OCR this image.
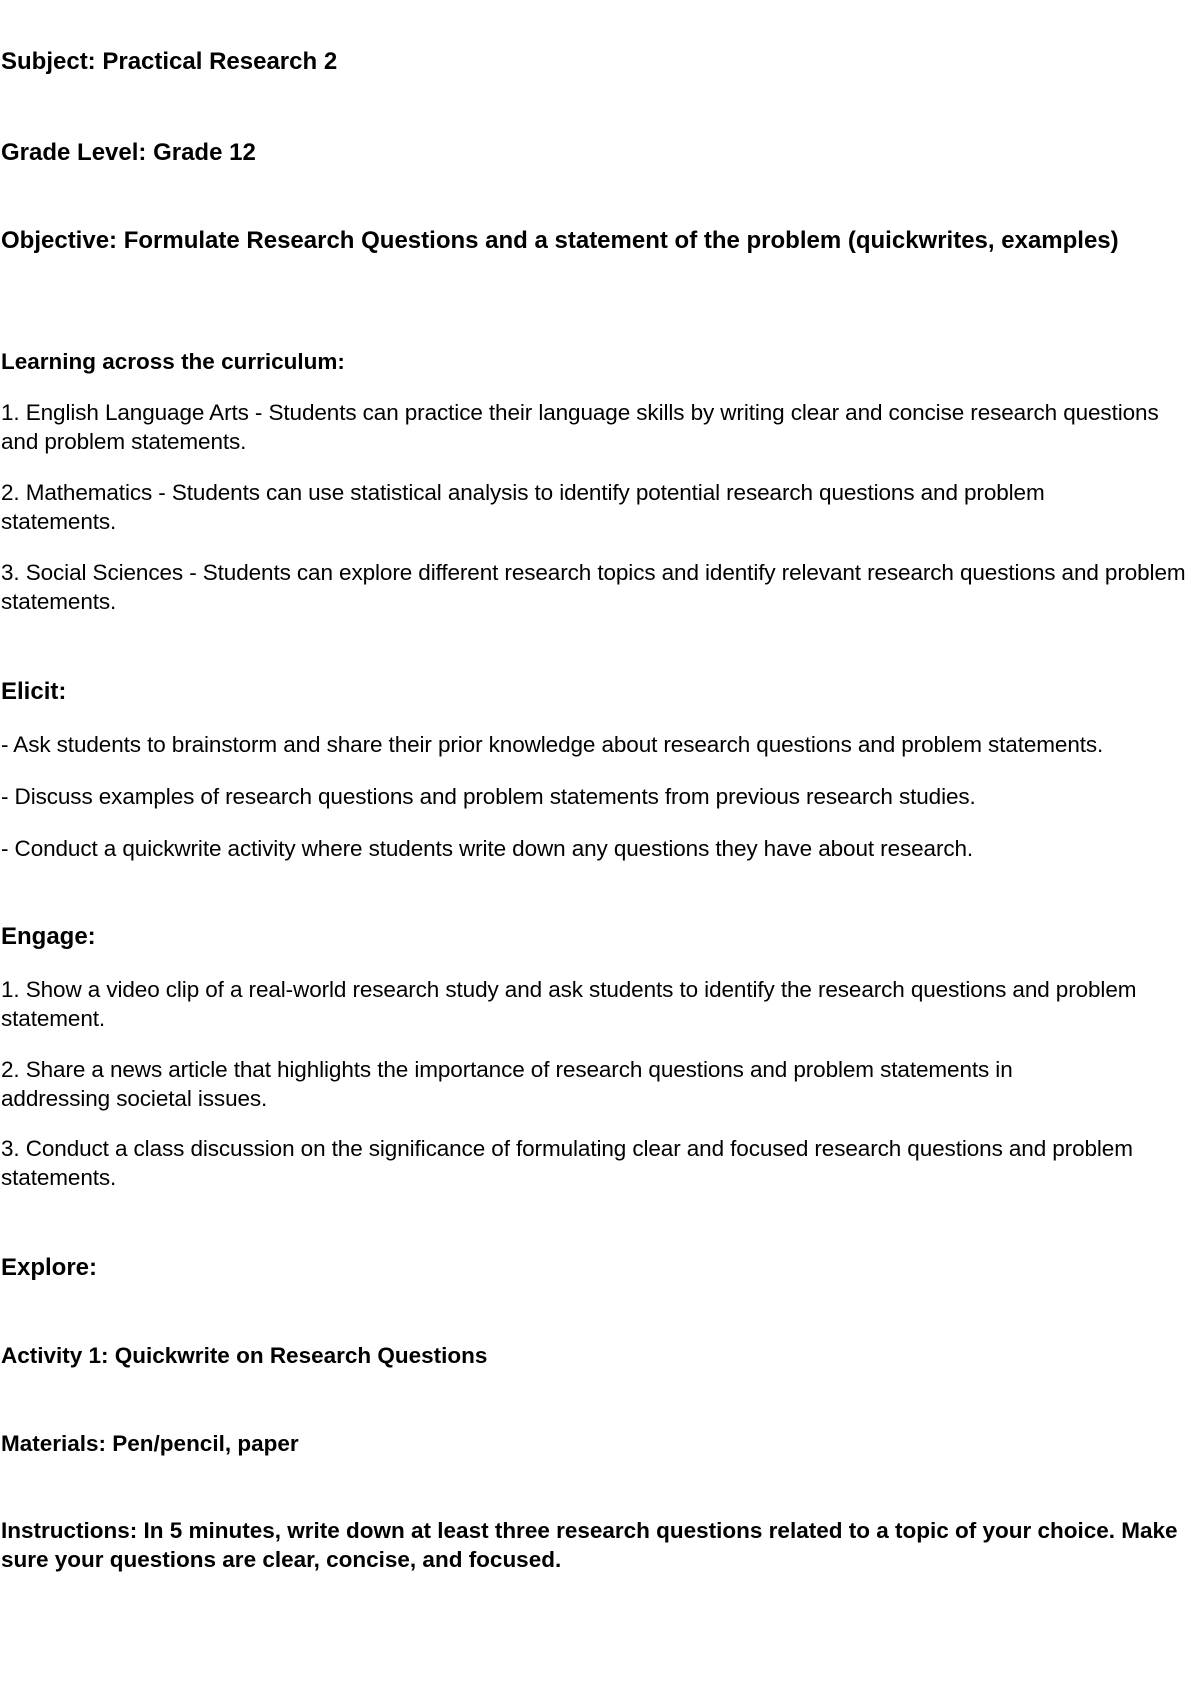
Subject: Practical Research 2
Grade Level: Grade 12
Objective: Formulate Research Questions and a statement of the problem (quickwrites, examples)
Learning across the curriculum:
1. English Language Arts - Students can practice their language skills by writing clear and concise research questions and problem statements.
2. Mathematics - Students can use statistical analysis to identify potential research questions and problem statements.
3. Social Sciences - Students can explore different research topics and identify relevant research questions and problem statements.
Elicit:
- Ask students to brainstorm and share their prior knowledge about research questions and problem statements.
- Discuss examples of research questions and problem statements from previous research studies.
- Conduct a quickwrite activity where students write down any questions they have about research.
Engage:
1. Show a video clip of a real-world research study and ask students to identify the research questions and problem statement.
2. Share a news article that highlights the importance of research questions and problem statements in addressing societal issues.
3. Conduct a class discussion on the significance of formulating clear and focused research questions and problem statements.
Explore:
Activity 1: Quickwrite on Research Questions
Materials: Pen/pencil, paper
Instructions: In 5 minutes, write down at least three research questions related to a topic of your choice. Make sure your questions are clear, concise, and focused.
